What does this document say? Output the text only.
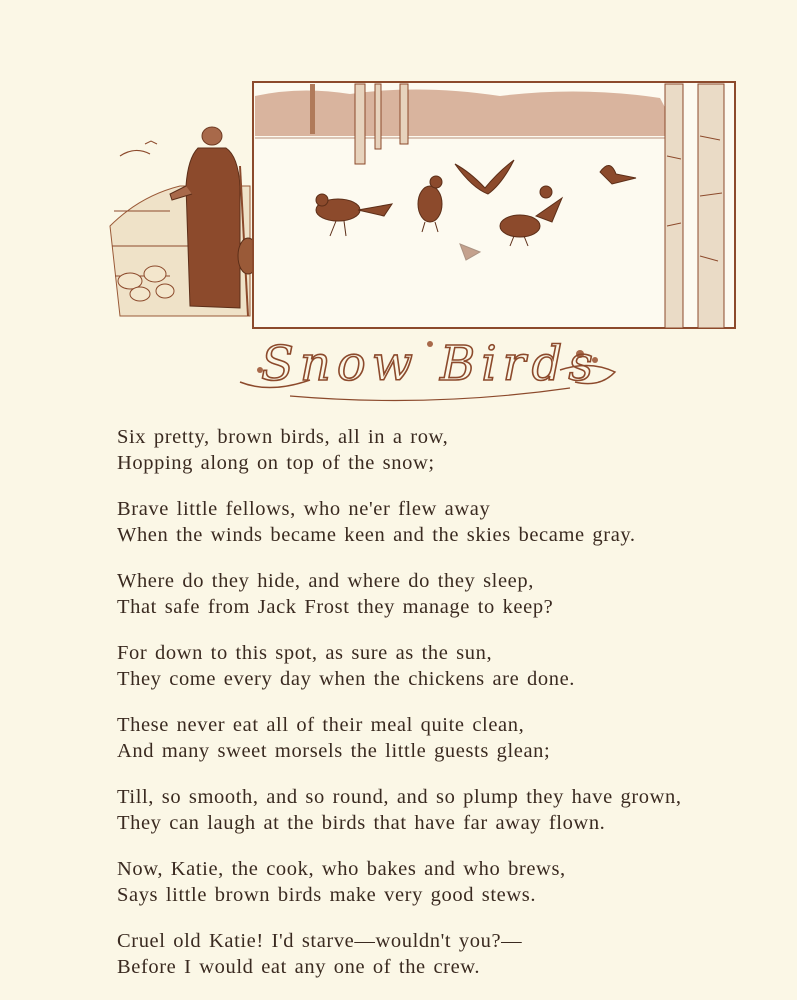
Snow Birds
Six pretty, brown birds, all in a row,
Hopping along on top of the snow;
Brave little fellows, who ne'er flew away
When the winds became keen and the skies became gray.
Where do they hide, and where do they sleep,
That safe from Jack Frost they manage to keep?
For down to this spot, as sure as the sun,
They come every day when the chickens are done.
These never eat all of their meal quite clean,
And many sweet morsels the little guests glean;
Till, so smooth, and so round, and so plump they have grown,
They can laugh at the birds that have far away flown.
Now, Katie, the cook, who bakes and who brews,
Says little brown birds make very good stews.
Cruel old Katie! I'd starve—wouldn't you?—
Before I would eat any one of the crew.
